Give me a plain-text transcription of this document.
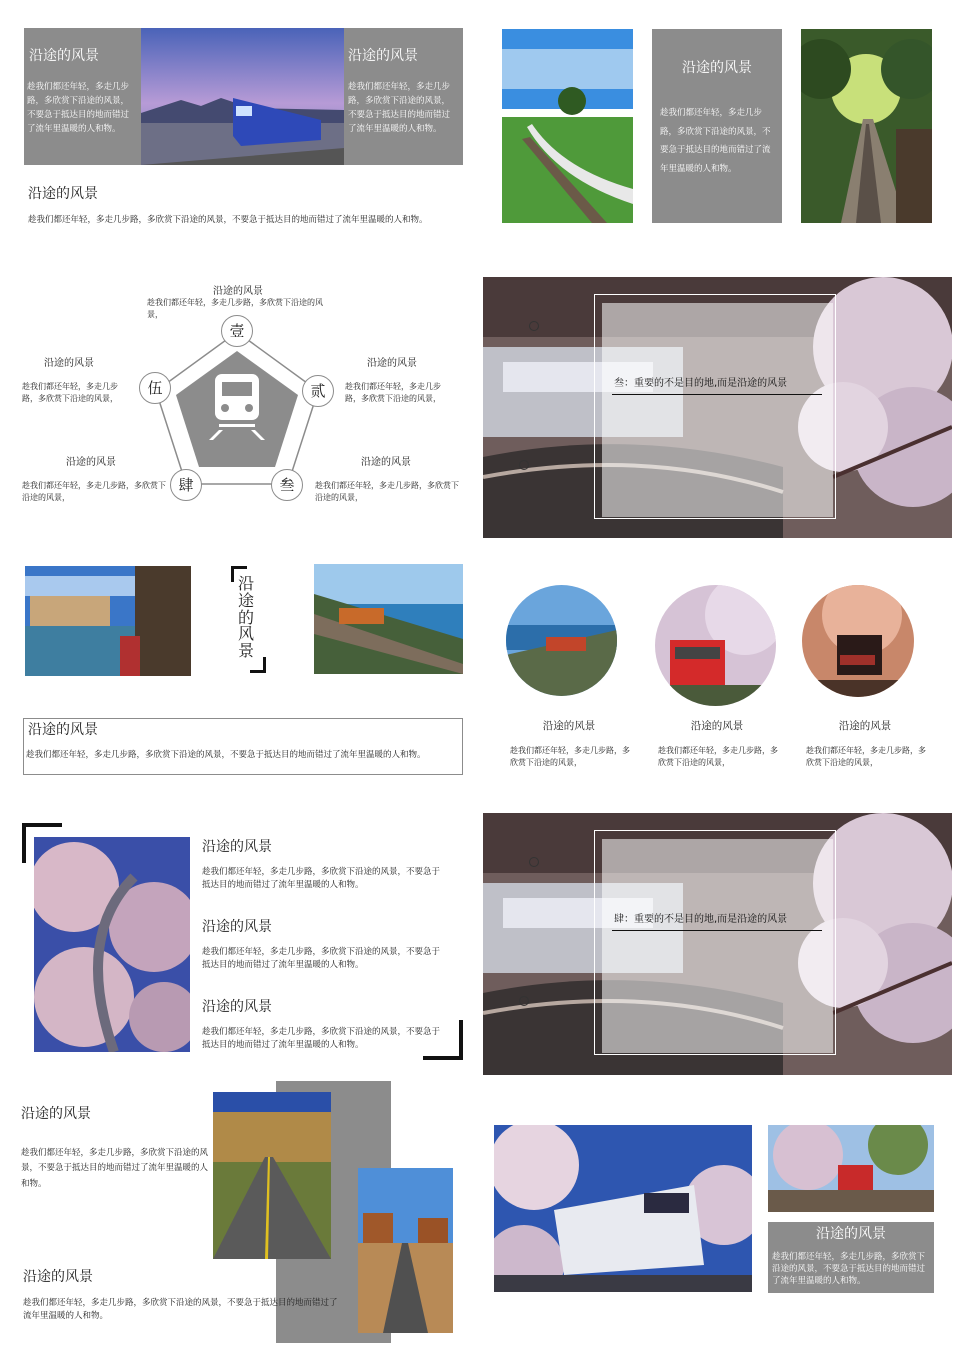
沿途的风景
趁我们都还年轻，多走几步路，多欣赏下沿途的风景，不要急于抵达目的地而错过了流年里温暖的人和物。
沿途的风景
趁我们都还年轻，多走几步路，多欣赏下沿途的风景，不要急于抵达目的地而错过了流年里温暖的人和物。
沿途的风景
趁我们都还年轻，多走几步路，多欣赏下沿途的风景，不要急于抵达目的地而错过了流年里温暖的人和物。
沿途的风景
趁我们都还年轻，多走几步路，多欣赏下沿途的风景，不要急于抵达目的地而错过了流年里温暖的人和物。
壹
贰
叁
肆
伍
沿途的风景
趁我们都还年轻，多走几步路，多欣赏下沿途的风景，
沿途的风景
趁我们都还年轻，多走几步路，多欣赏下沿途的风景，
沿途的风景
趁我们都还年轻，多走几步路，多欣赏下沿途的风景，
沿途的风景
趁我们都还年轻，多走几步路，多欣赏下沿途的风景，
沿途的风景
趁我们都还年轻，多走几步路，多欣赏下沿途的风景，
叁：重要的不是目的地,而是沿途的风景
沿途的风景
沿途的风景
趁我们都还年轻，多走几步路，多欣赏下沿途的风景，不要急于抵达目的地而错过了流年里温暖的人和物。
沿途的风景
趁我们都还年轻，多走几步路，多欣赏下沿途的风景，
沿途的风景
趁我们都还年轻，多走几步路，多欣赏下沿途的风景，
沿途的风景
趁我们都还年轻，多走几步路，多欣赏下沿途的风景，
沿途的风景
趁我们都还年轻，多走几步路，多欣赏下沿途的风景，不要急于抵达目的地而错过了流年里温暖的人和物。
沿途的风景
趁我们都还年轻，多走几步路，多欣赏下沿途的风景，不要急于抵达目的地而错过了流年里温暖的人和物。
沿途的风景
趁我们都还年轻，多走几步路，多欣赏下沿途的风景，不要急于抵达目的地而错过了流年里温暖的人和物。
肆：重要的不是目的地,而是沿途的风景
沿途的风景
趁我们都还年轻，多走几步路，多欣赏下沿途的风景，不要急于抵达目的地而错过了流年里温暖的人和物。
沿途的风景
趁我们都还年轻，多走几步路，多欣赏下沿途的风景，不要急于抵达目的地而错过了流年里温暖的人和物。
沿途的风景
趁我们都还年轻，多走几步路，多欣赏下沿途的风景，不要急于抵达目的地而错过了流年里温暖的人和物。
